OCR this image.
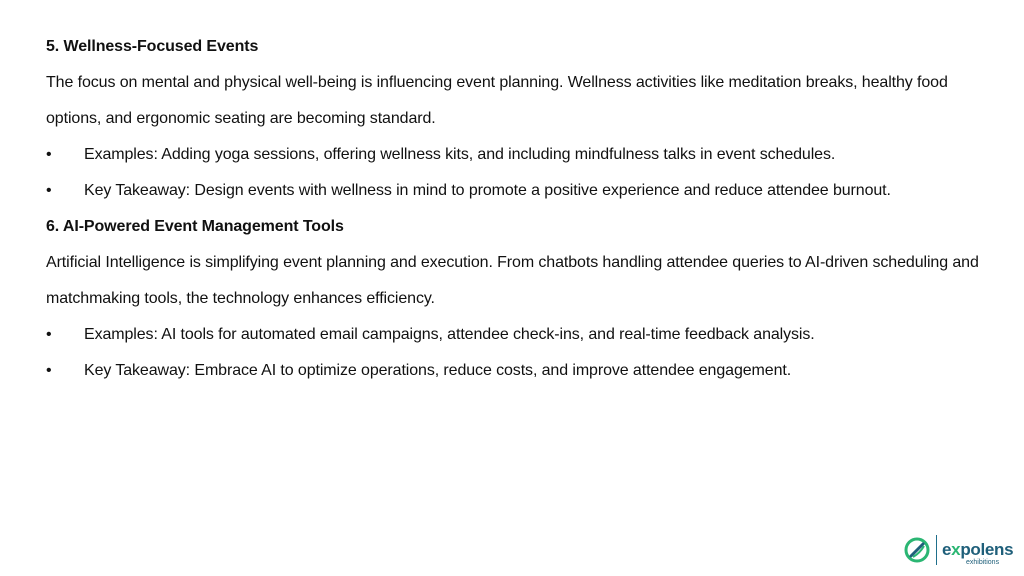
5. Wellness-Focused Events

The focus on mental and physical well-being is influencing event planning. Wellness activities like meditation breaks, healthy food options, and ergonomic seating are becoming standard.

•	Examples: Adding yoga sessions, offering wellness kits, and including mindfulness talks in event schedules.

•	Key Takeaway: Design events with wellness in mind to promote a positive experience and reduce attendee burnout.

6. AI-Powered Event Management Tools

Artificial Intelligence is simplifying event planning and execution. From chatbots handling attendee queries to AI-driven scheduling and matchmaking tools, the technology enhances efficiency.

•	Examples: AI tools for automated email campaigns, attendee check-ins, and real-time feedback analysis.

•	Key Takeaway: Embrace AI to optimize operations, reduce costs, and improve attendee engagement.

expolens
exhibitions
